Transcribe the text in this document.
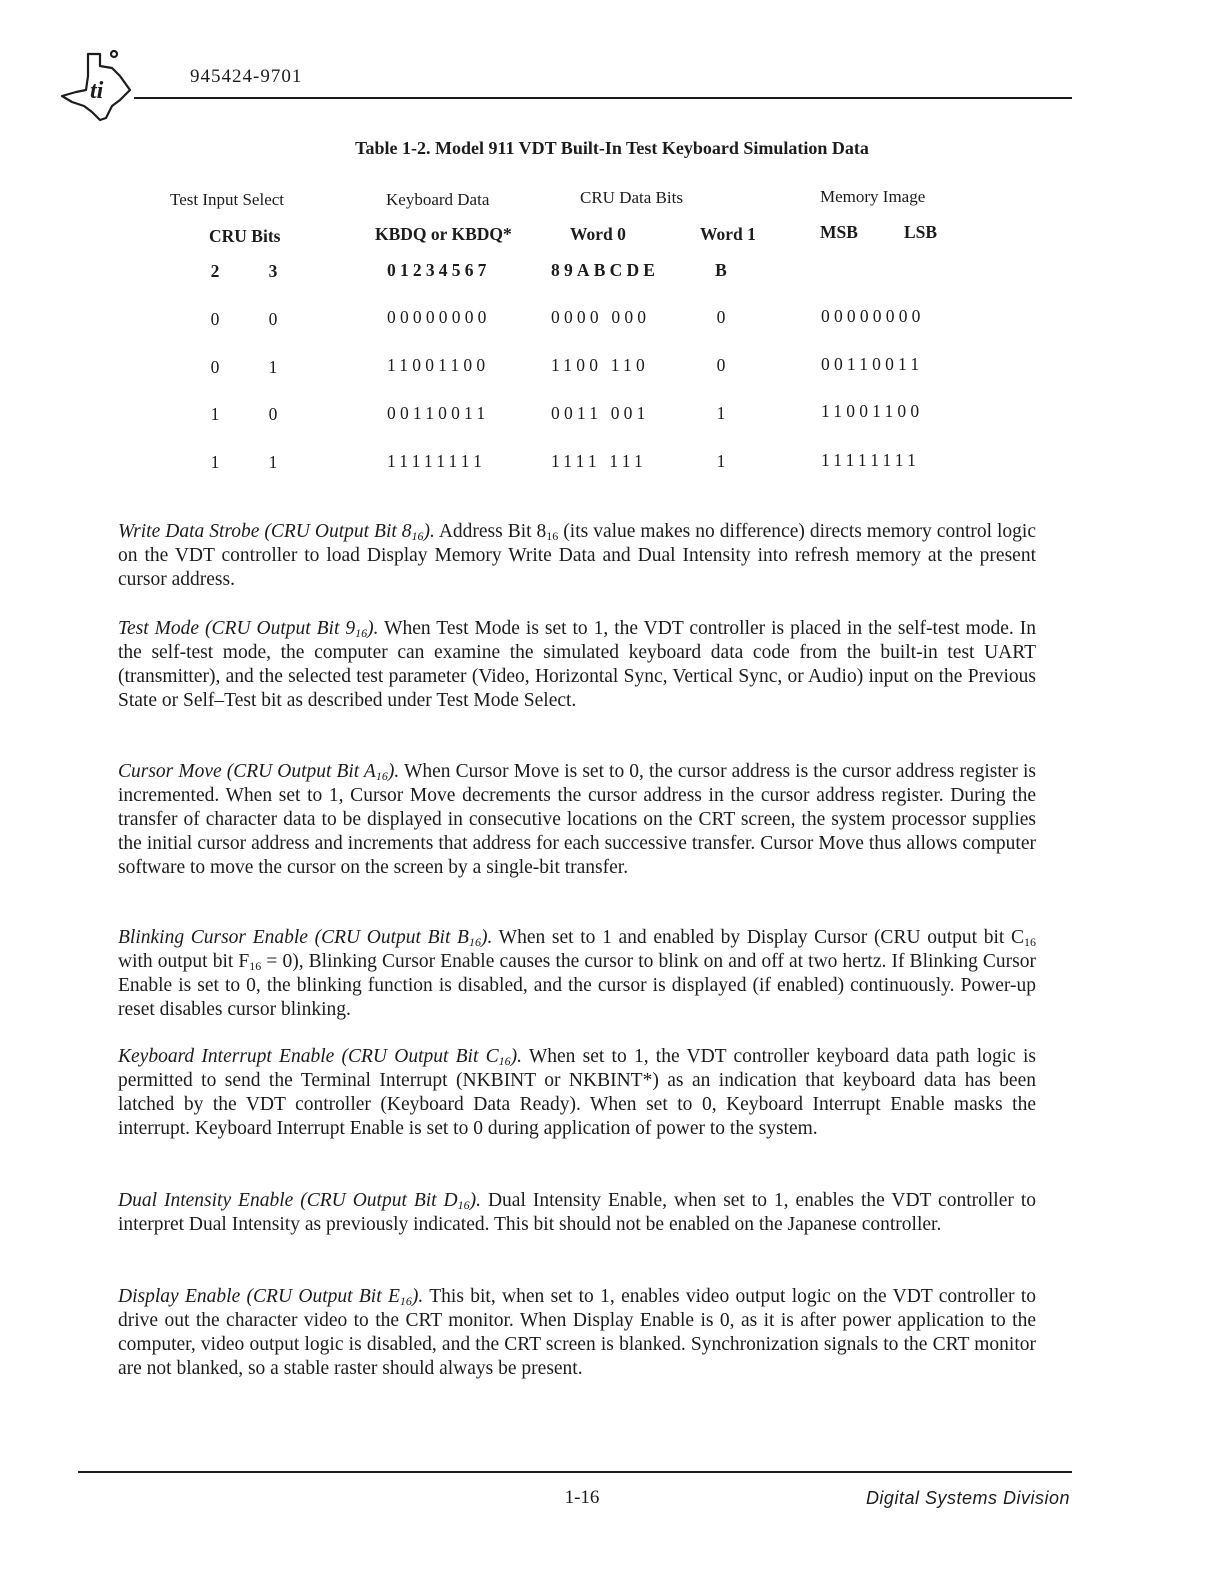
ti
945424-9701
Table 1-2. Model 911 VDT Built-In Test Keyboard Simulation Data
Test Input Select	Keyboard Data	CRU Data Bits	Memory Image
CRU Bits	KBDQ or KBDQ*	Word 0	Word 1	MSB	LSB
2	3	01234567	89ABCDE	B
0	0	00000000	0000 000	0	00000000
0	1	11001100	1100 110	0	00110011
1	0	00110011	0011 001	1	11001100
1	1	11111111	1111 111	1	11111111

Write Data Strobe (CRU Output Bit $8_{16}$). Address Bit $8_{16}$ (its value makes no difference) directs memory control logic on the VDT controller to load Display Memory Write Data and Dual Intensity into refresh memory at the present cursor address.

Test Mode (CRU Output Bit $9_{16}$). When Test Mode is set to 1, the VDT controller is placed in the self-test mode. In the self-test mode, the computer can examine the simulated keyboard data code from the built-in test UART (transmitter), and the selected test parameter (Video, Horizontal Sync, Vertical Sync, or Audio) input on the Previous State or Self–Test bit as described under Test Mode Select.

Cursor Move (CRU Output Bit $A_{16}$). When Cursor Move is set to 0, the cursor address is the cursor address register is incremented. When set to 1, Cursor Move decrements the cursor address in the cursor address register. During the transfer of character data to be displayed in consecutive locations on the CRT screen, the system processor supplies the initial cursor address and increments that address for each successive transfer. Cursor Move thus allows computer software to move the cursor on the screen by a single-bit transfer.

Blinking Cursor Enable (CRU Output Bit $B_{16}$). When set to 1 and enabled by Display Cursor (CRU output bit $C_{16}$ with output bit $F_{16} = 0$), Blinking Cursor Enable causes the cursor to blink on and off at two hertz. If Blinking Cursor Enable is set to 0, the blinking function is disabled, and the cursor is displayed (if enabled) continuously. Power-up reset disables cursor blinking.

Keyboard Interrupt Enable (CRU Output Bit $C_{16}$). When set to 1, the VDT controller keyboard data path logic is permitted to send the Terminal Interrupt (NKBINT or NKBINT*) as an indication that keyboard data has been latched by the VDT controller (Keyboard Data Ready). When set to 0, Keyboard Interrupt Enable masks the interrupt. Keyboard Interrupt Enable is set to 0 during application of power to the system.

Dual Intensity Enable (CRU Output Bit $D_{16}$). Dual Intensity Enable, when set to 1, enables the VDT controller to interpret Dual Intensity as previously indicated. This bit should not be enabled on the Japanese controller.

Display Enable (CRU Output Bit $E_{16}$). This bit, when set to 1, enables video output logic on the VDT controller to drive out the character video to the CRT monitor. When Display Enable is 0, as it is after power application to the computer, video output logic is disabled, and the CRT screen is blanked. Synchronization signals to the CRT monitor are not blanked, so a stable raster should always be present.

1-16	Digital Systems Division
